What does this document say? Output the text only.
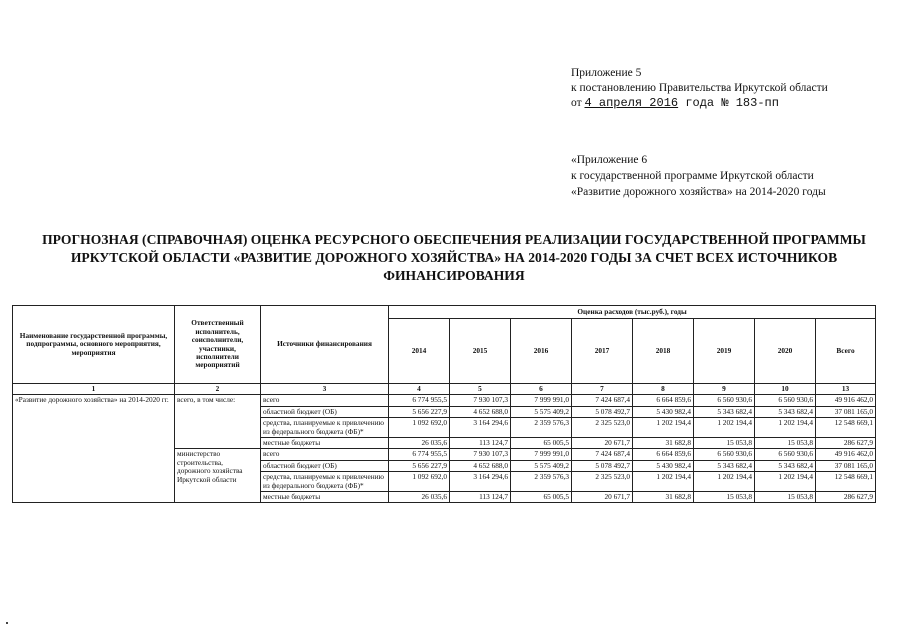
Приложение 5
к постановлению Правительства Иркутской области
от 4 апреля 2016 года № 183-пп
«Приложение 6
к государственной программе Иркутской области
«Развитие дорожного хозяйства» на 2014-2020 годы
ПРОГНОЗНАЯ (СПРАВОЧНАЯ) ОЦЕНКА РЕСУРСНОГО ОБЕСПЕЧЕНИЯ РЕАЛИЗАЦИИ ГОСУДАРСТВЕННОЙ ПРОГРАММЫ ИРКУТСКОЙ ОБЛАСТИ «РАЗВИТИЕ ДОРОЖНОГО ХОЗЯЙСТВА» НА 2014-2020 ГОДЫ ЗА СЧЕТ ВСЕХ ИСТОЧНИКОВ ФИНАНСИРОВАНИЯ
Наименование государственной программы, подпрограммы, основного мероприятия, мероприятия	Ответственный исполнитель, соисполнители, участники, исполнители мероприятий	Источники финансирования	Оценка расходов (тыс.руб.), годы							
			2014	2015	2016	2017	2018	2019	2020	Всего
1	2	3	4	5	6	7	8	9	10	13
«Развитие дорожного хозяйства» на 2014-2020 гг.	всего, в том числе:	всего	6 774 955,5	7 930 107,3	7 999 991,0	7 424 687,4	6 664 859,6	6 560 930,6	6 560 930,6	49 916 462,0
		областной бюджет (ОБ)	5 656 227,9	4 652 688,0	5 575 409,2	5 078 492,7	5 430 982,4	5 343 682,4	5 343 682,4	37 081 165,0
		средства, планируемые к привлечению из федерального бюджета (ФБ)*	1 092 692,0	3 164 294,6	2 359 576,3	2 325 523,0	1 202 194,4	1 202 194,4	1 202 194,4	12 548 669,1
		местные бюджеты	26 035,6	113 124,7	65 005,5	20 671,7	31 682,8	15 053,8	15 053,8	286 627,9
	министерство строительства, дорожного хозяйства Иркутской области	всего	6 774 955,5	7 930 107,3	7 999 991,0	7 424 687,4	6 664 859,6	6 560 930,6	6 560 930,6	49 916 462,0
		областной бюджет (ОБ)	5 656 227,9	4 652 688,0	5 575 409,2	5 078 492,7	5 430 982,4	5 343 682,4	5 343 682,4	37 081 165,0
		средства, планируемые к привлечению из федерального бюджета (ФБ)*	1 092 692,0	3 164 294,6	2 359 576,3	2 325 523,0	1 202 194,4	1 202 194,4	1 202 194,4	12 548 669,1
		местные бюджеты	26 035,6	113 124,7	65 005,5	20 671,7	31 682,8	15 053,8	15 053,8	286 627,9
